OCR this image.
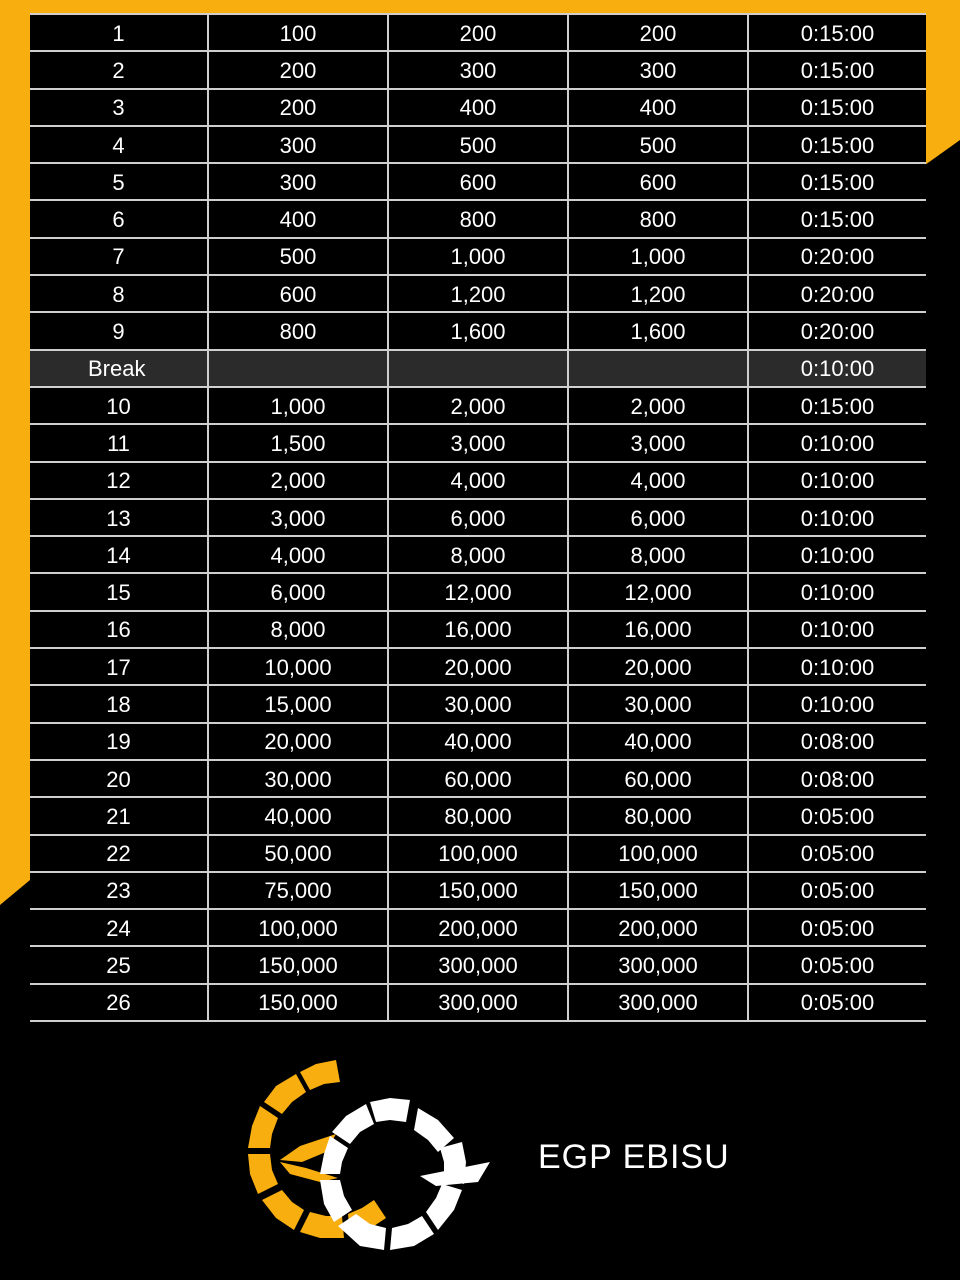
1	100	200	200	0:15:00
2	200	300	300	0:15:00
3	200	400	400	0:15:00
4	300	500	500	0:15:00
5	300	600	600	0:15:00
6	400	800	800	0:15:00
7	500	1,000	1,000	0:20:00
8	600	1,200	1,200	0:20:00
9	800	1,600	1,600	0:20:00
Break				0:10:00
10	1,000	2,000	2,000	0:15:00
11	1,500	3,000	3,000	0:10:00
12	2,000	4,000	4,000	0:10:00
13	3,000	6,000	6,000	0:10:00
14	4,000	8,000	8,000	0:10:00
15	6,000	12,000	12,000	0:10:00
16	8,000	16,000	16,000	0:10:00
17	10,000	20,000	20,000	0:10:00
18	15,000	30,000	30,000	0:10:00
19	20,000	40,000	40,000	0:08:00
20	30,000	60,000	60,000	0:08:00
21	40,000	80,000	80,000	0:05:00
22	50,000	100,000	100,000	0:05:00
23	75,000	150,000	150,000	0:05:00
24	100,000	200,000	200,000	0:05:00
25	150,000	300,000	300,000	0:05:00
26	150,000	300,000	300,000	0:05:00
EGP EBISU
